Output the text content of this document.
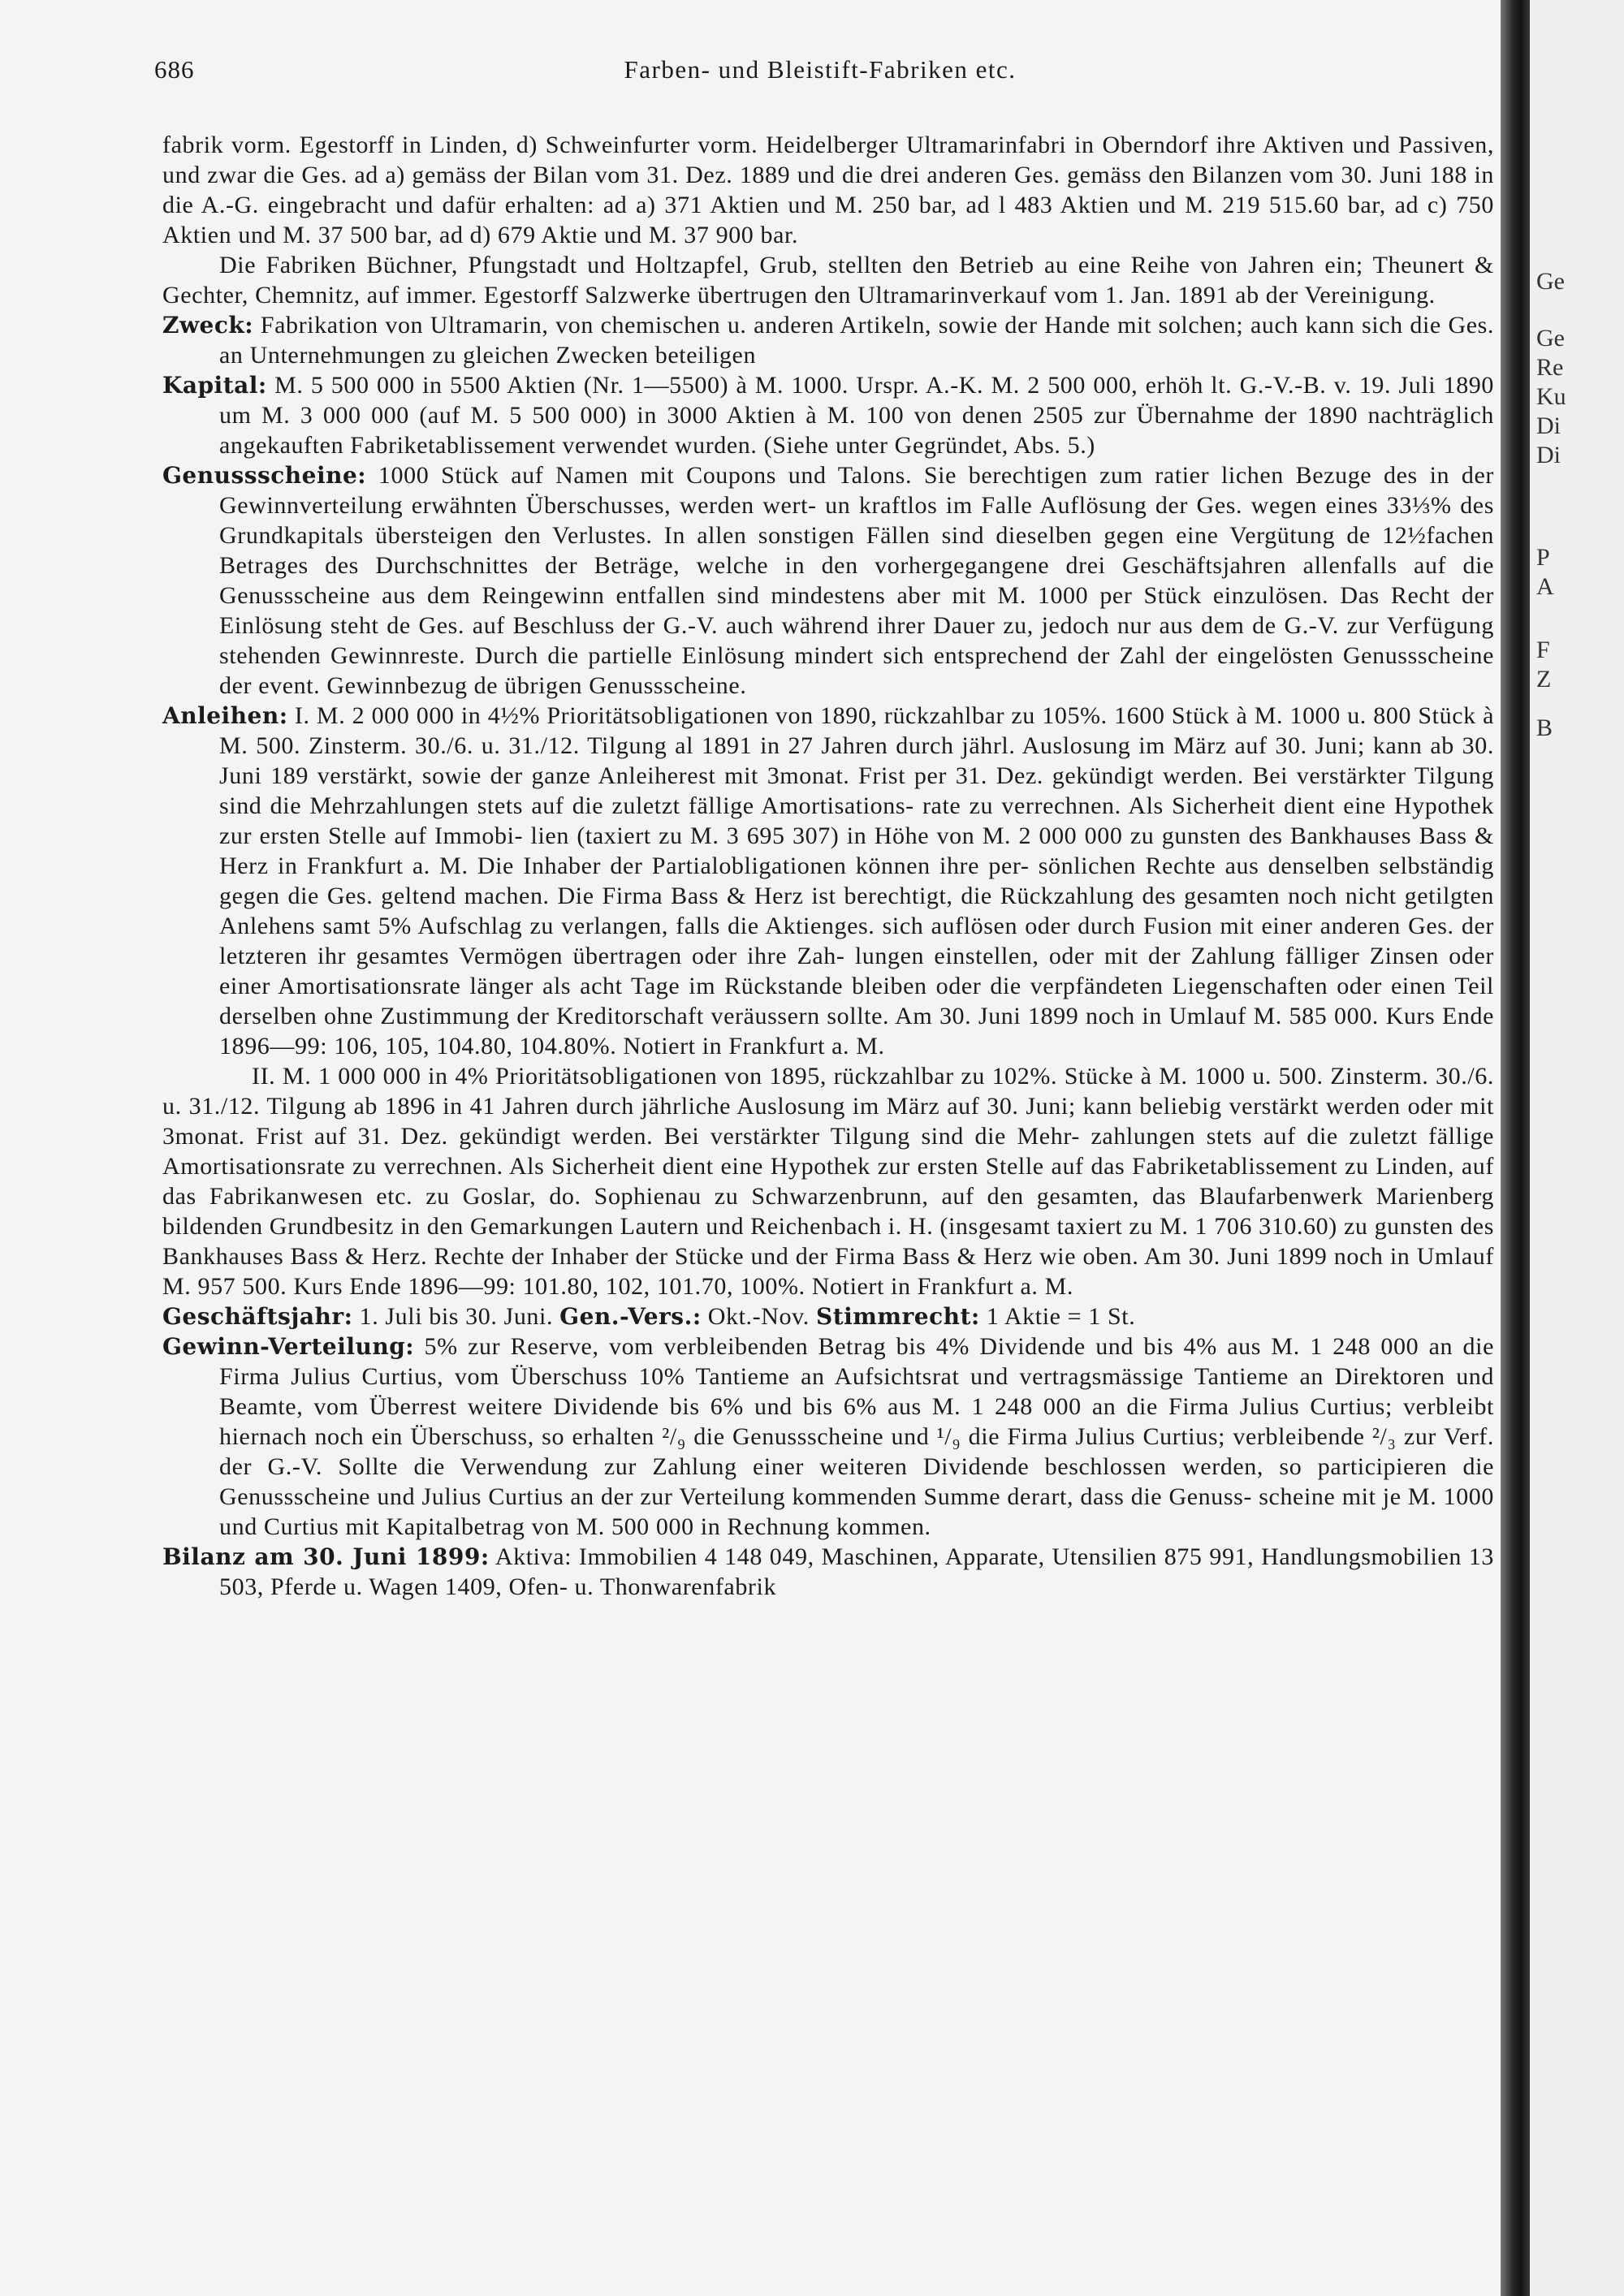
686	Farben- und Bleistift-Fabriken etc.

fabrik vorm. Egestorff in Linden, d) Schweinfurter vorm. Heidelberger Ultramarinfabri in Oberndorf ihre Aktiven und Passiven, und zwar die Ges. ad a) gemäss der Bilan vom 31. Dez. 1889 und die drei anderen Ges. gemäss den Bilanzen vom 30. Juni 188 in die A.-G. eingebracht und dafür erhalten: ad a) 371 Aktien und M. 250 bar, ad l 483 Aktien und M. 219 515.60 bar, ad c) 750 Aktien und M. 37 500 bar, ad d) 679 Aktie und M. 37 900 bar.

Die Fabriken Büchner, Pfungstadt und Holtzapfel, Grub, stellten den Betrieb au eine Reihe von Jahren ein; Theunert & Gechter, Chemnitz, auf immer. Egestorff Salzwerke übertrugen den Ultramarinverkauf vom 1. Jan. 1891 ab der Vereinigung.

Zweck: Fabrikation von Ultramarin, von chemischen u. anderen Artikeln, sowie der Hande mit solchen; auch kann sich die Ges. an Unternehmungen zu gleichen Zwecken beteiligen

Kapital: M. 5 500 000 in 5500 Aktien (Nr. 1—5500) à M. 1000. Urspr. A.-K. M. 2 500 000, erhöh lt. G.-V.-B. v. 19. Juli 1890 um M. 3 000 000 (auf M. 5 500 000) in 3000 Aktien à M. 100 von denen 2505 zur Übernahme der 1890 nachträglich angekauften Fabriketablissement verwendet wurden. (Siehe unter Gegründet, Abs. 5.)

Genussscheine: 1000 Stück auf Namen mit Coupons und Talons. Sie berechtigen zum ratier lichen Bezuge des in der Gewinnverteilung erwähnten Überschusses, werden wert- un kraftlos im Falle Auflösung der Ges. wegen eines 33⅓% des Grundkapitals übersteigen den Verlustes. In allen sonstigen Fällen sind dieselben gegen eine Vergütung de 12½fachen Betrages des Durchschnittes der Beträge, welche in den vorhergegangene drei Geschäftsjahren allenfalls auf die Genussscheine aus dem Reingewinn entfallen sind mindestens aber mit M. 1000 per Stück einzulösen. Das Recht der Einlösung steht de Ges. auf Beschluss der G.-V. auch während ihrer Dauer zu, jedoch nur aus dem de G.-V. zur Verfügung stehenden Gewinnreste. Durch die partielle Einlösung mindert sich entsprechend der Zahl der eingelösten Genussscheine der event. Gewinnbezug de übrigen Genussscheine.

Anleihen: I. M. 2 000 000 in 4½% Prioritätsobligationen von 1890, rückzahlbar zu 105%. 1600 Stück à M. 1000 u. 800 Stück à M. 500. Zinsterm. 30./6. u. 31./12. Tilgung al 1891 in 27 Jahren durch jährl. Auslosung im März auf 30. Juni; kann ab 30. Juni 189 verstärkt, sowie der ganze Anleiherest mit 3monat. Frist per 31. Dez. gekündigt werden. Bei verstärkter Tilgung sind die Mehrzahlungen stets auf die zuletzt fällige Amortisations- rate zu verrechnen. Als Sicherheit dient eine Hypothek zur ersten Stelle auf Immobi- lien (taxiert zu M. 3 695 307) in Höhe von M. 2 000 000 zu gunsten des Bankhauses Bass & Herz in Frankfurt a. M. Die Inhaber der Partialobligationen können ihre per- sönlichen Rechte aus denselben selbständig gegen die Ges. geltend machen. Die Firma Bass & Herz ist berechtigt, die Rückzahlung des gesamten noch nicht getilgten Anlehens samt 5% Aufschlag zu verlangen, falls die Aktienges. sich auflösen oder durch Fusion mit einer anderen Ges. der letzteren ihr gesamtes Vermögen übertragen oder ihre Zah- lungen einstellen, oder mit der Zahlung fälliger Zinsen oder einer Amortisationsrate länger als acht Tage im Rückstande bleiben oder die verpfändeten Liegenschaften oder einen Teil derselben ohne Zustimmung der Kreditorschaft veräussern sollte. Am 30. Juni 1899 noch in Umlauf M. 585 000. Kurs Ende 1896—99: 106, 105, 104.80, 104.80%. Notiert in Frankfurt a. M.

II. M. 1 000 000 in 4% Prioritätsobligationen von 1895, rückzahlbar zu 102%. Stücke à M. 1000 u. 500. Zinsterm. 30./6. u. 31./12. Tilgung ab 1896 in 41 Jahren durch jährliche Auslosung im März auf 30. Juni; kann beliebig verstärkt werden oder mit 3monat. Frist auf 31. Dez. gekündigt werden. Bei verstärkter Tilgung sind die Mehr- zahlungen stets auf die zuletzt fällige Amortisationsrate zu verrechnen. Als Sicherheit dient eine Hypothek zur ersten Stelle auf das Fabriketablissement zu Linden, auf das Fabrikanwesen etc. zu Goslar, do. Sophienau zu Schwarzenbrunn, auf den gesamten, das Blaufarbenwerk Marienberg bildenden Grundbesitz in den Gemarkungen Lautern und Reichenbach i. H. (insgesamt taxiert zu M. 1 706 310.60) zu gunsten des Bankhauses Bass & Herz. Rechte der Inhaber der Stücke und der Firma Bass & Herz wie oben. Am 30. Juni 1899 noch in Umlauf M. 957 500. Kurs Ende 1896—99: 101.80, 102, 101.70, 100%. Notiert in Frankfurt a. M.

Geschäftsjahr: 1. Juli bis 30. Juni. Gen.-Vers.: Okt.-Nov. Stimmrecht: 1 Aktie = 1 St.

Gewinn-Verteilung: 5% zur Reserve, vom verbleibenden Betrag bis 4% Dividende und bis 4% aus M. 1 248 000 an die Firma Julius Curtius, vom Überschuss 10% Tantieme an Aufsichtsrat und vertragsmässige Tantieme an Direktoren und Beamte, vom Überrest weitere Dividende bis 6% und bis 6% aus M. 1 248 000 an die Firma Julius Curtius; verbleibt hiernach noch ein Überschuss, so erhalten ²/₉ die Genussscheine und ¹/₉ die Firma Julius Curtius; verbleibende ²/₃ zur Verf. der G.-V. Sollte die Verwendung zur Zahlung einer weiteren Dividende beschlossen werden, so participieren die Genussscheine und Julius Curtius an der zur Verteilung kommenden Summe derart, dass die Genuss- scheine mit je M. 1000 und Curtius mit Kapitalbetrag von M. 500 000 in Rechnung kommen.

Bilanz am 30. Juni 1899: Aktiva: Immobilien 4 148 049, Maschinen, Apparate, Utensilien 875 991, Handlungsmobilien 13 503, Pferde u. Wagen 1409, Ofen- u. Thonwarenfabrik

Ge
Ge
Re
Ku
Di
Di
P
A
F
Z
B
